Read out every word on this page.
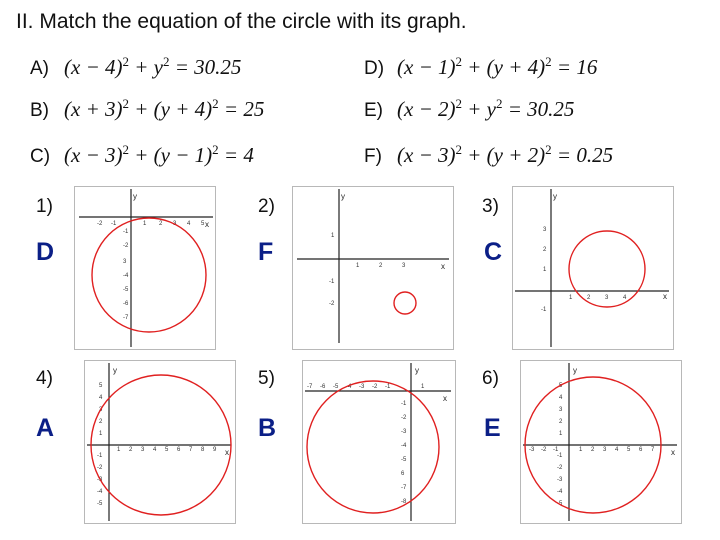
II. Match the equation of the circle with its graph.
A) $(x - 4)^2 + y^2 = 30.25$
B) $(x + 3)^2 + (y + 4)^2 = 25$
C) $(x - 3)^2 + (y - 1)^2 = 4$
D) $(x - 1)^2 + (y + 4)^2 = 16$
E) $(x - 2)^2 + y^2 = 30.25$
F) $(x - 3)^2 + (y + 2)^2 = 0.25$
1)
D
2)
F
3)
C
4)
A
5)
B
6)
E
y
x
-2 -1	1 2 3 4 5
-1
-2
3
-4
-5
-6
-7
y
x
1	2	3
1
-1
-2
y
x
1 2 3 4
3
2
1
-1
y
x
1 2 3 4 5 6 7 8 9
5
4
3
2
1
-1
-2
-3
-4
-5
y
x
-7 -6 -5 -4 -3 -2 -1	1
-1
-2
-3
-4
-5
6
-7
-8
y
x
-3 -2 -1	1 2 3 4 5 6 7
5
4
3
2
1
-1
-2
-3
-4
-5
